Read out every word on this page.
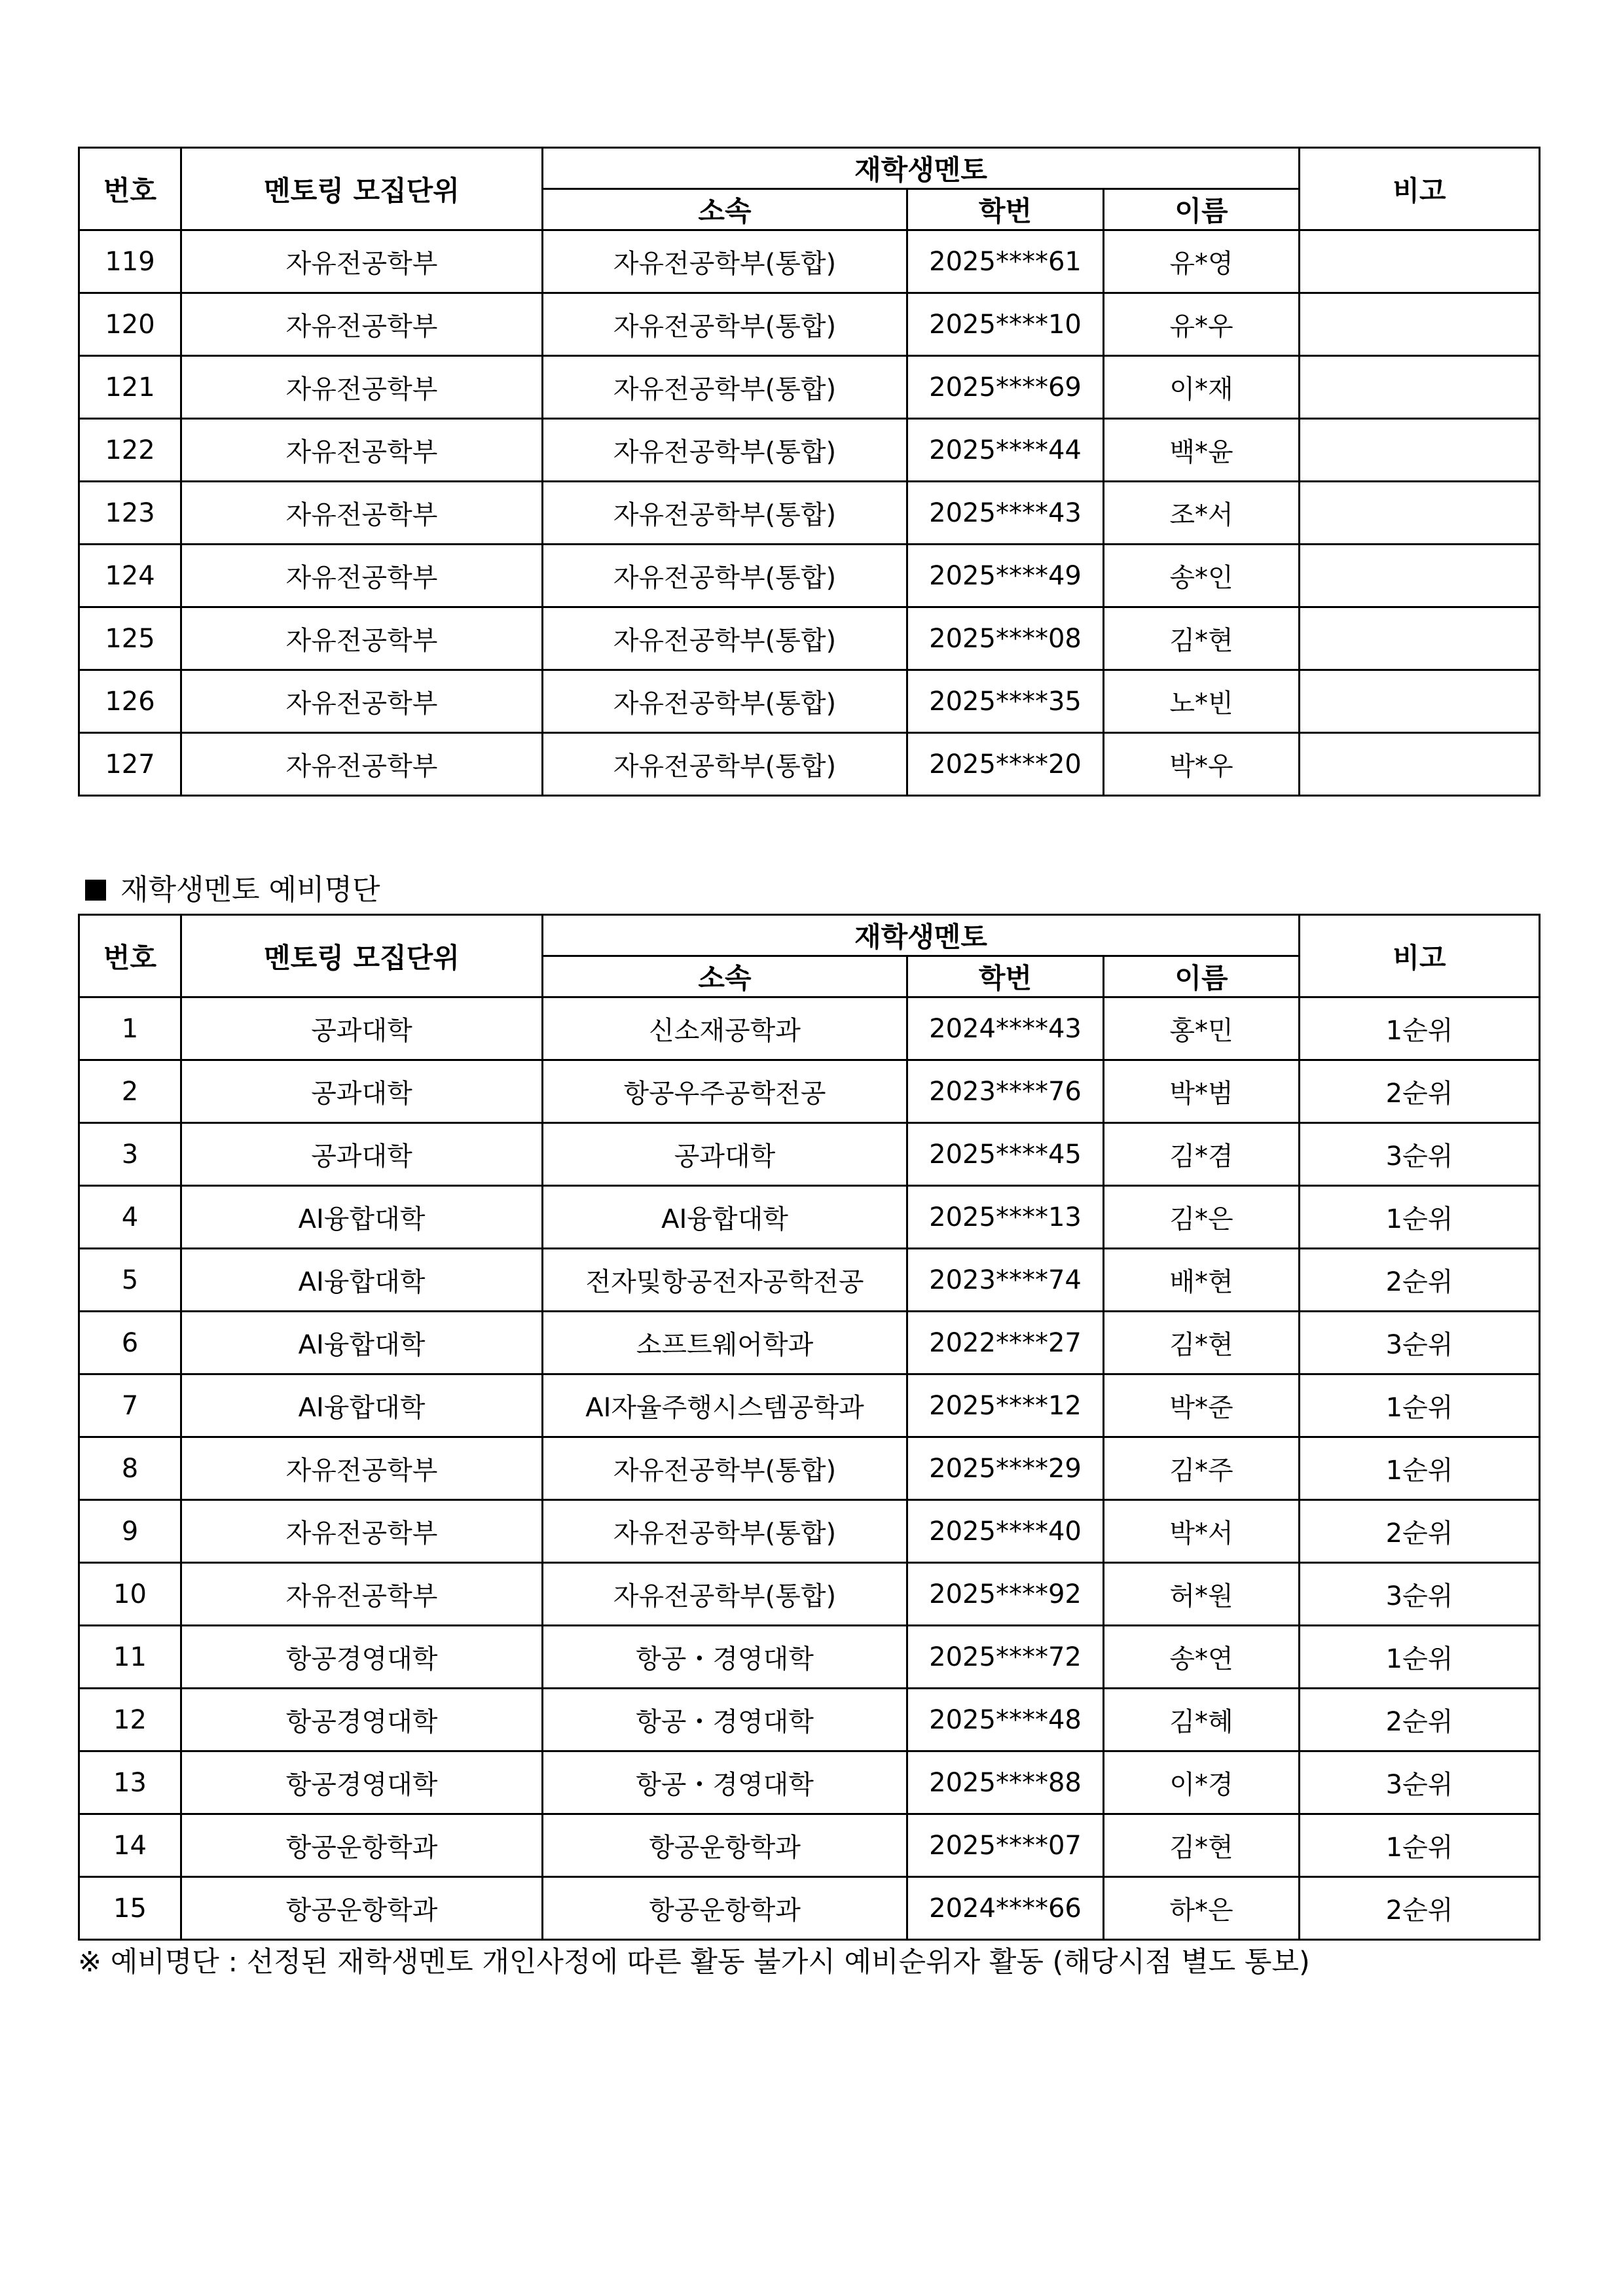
번호	멘토링 모집단위	재학생멘토			비고
		소속	학번	이름	
119	자유전공학부	자유전공학부(통합)	2025****61	유*영	
120	자유전공학부	자유전공학부(통합)	2025****10	유*우	
121	자유전공학부	자유전공학부(통합)	2025****69	이*재	
122	자유전공학부	자유전공학부(통합)	2025****44	백*윤	
123	자유전공학부	자유전공학부(통합)	2025****43	조*서	
124	자유전공학부	자유전공학부(통합)	2025****49	송*인	
125	자유전공학부	자유전공학부(통합)	2025****08	김*현	
126	자유전공학부	자유전공학부(통합)	2025****35	노*빈	
127	자유전공학부	자유전공학부(통합)	2025****20	박*우	
재학생멘토 예비명단
번호	멘토링 모집단위	재학생멘토			비고
		소속	학번	이름	
1	공과대학	신소재공학과	2024****43	홍*민	1순위
2	공과대학	항공우주공학전공	2023****76	박*범	2순위
3	공과대학	공과대학	2025****45	김*겸	3순위
4	AI융합대학	AI융합대학	2025****13	김*은	1순위
5	AI융합대학	전자및항공전자공학전공	2023****74	배*현	2순위
6	AI융합대학	소프트웨어학과	2022****27	김*현	3순위
7	AI융합대학	AI자율주행시스템공학과	2025****12	박*준	1순위
8	자유전공학부	자유전공학부(통합)	2025****29	김*주	1순위
9	자유전공학부	자유전공학부(통합)	2025****40	박*서	2순위
10	자유전공학부	자유전공학부(통합)	2025****92	허*원	3순위
11	항공경영대학	항공・경영대학	2025****72	송*연	1순위
12	항공경영대학	항공・경영대학	2025****48	김*혜	2순위
13	항공경영대학	항공・경영대학	2025****88	이*경	3순위
14	항공운항학과	항공운항학과	2025****07	김*현	1순위
15	항공운항학과	항공운항학과	2024****66	하*은	2순위
※ 예비명단 : 선정된 재학생멘토 개인사정에 따른 활동 불가시 예비순위자 활동 (해당시점 별도 통보)
